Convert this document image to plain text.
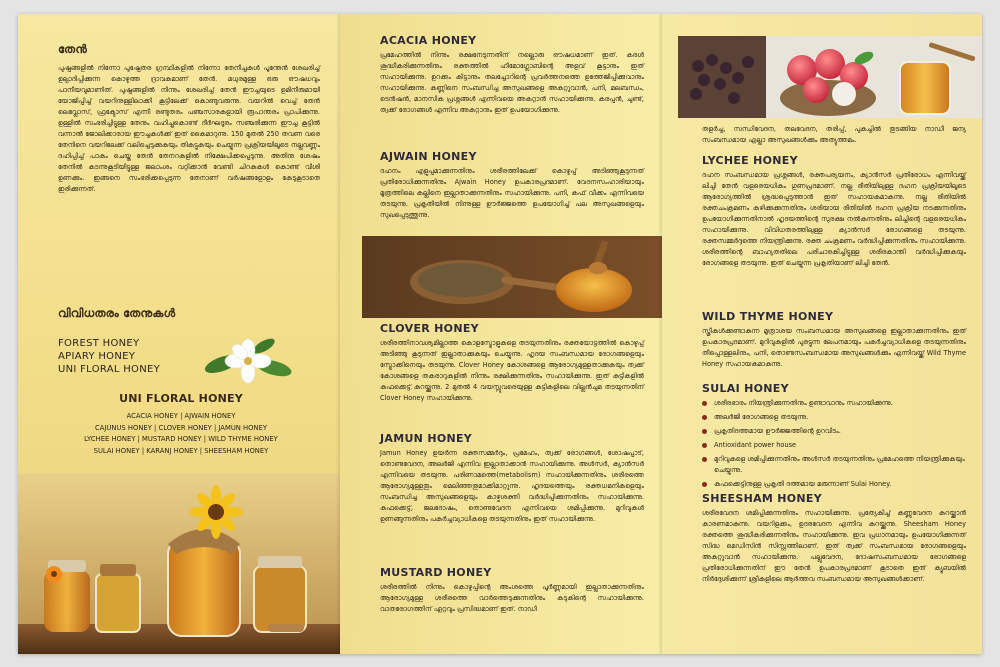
തേൻ

പുഷ്പങ്ങളിൽ നിന്നോ പുഷ്പേതര ഗ്രന്ഥികളിൽ നിന്നോ തേനീച്ചകൾ പൂന്തേൻ ശേഖരിച്ച് ഉല്പാദിപ്പിക്കുന്ന കൊഴുത്ത ദ്രാവകമാണ് തേൻ. മധുരമുള്ള ഒരു ഔഷധവും പാനീയവുമാണിത്. പുഷ്പങ്ങളിൽ നിന്നും ശേഖരിച്ച് തേൻ ഈച്ചയുടെ ഉമിനീരുമായി യോജിപ്പിച്ച് വയറിനുള്ളിലാക്കി കൂട്ടിലേക്ക് കൊണ്ടുവരുന്നു. വയറിൽ വെച്ച് തേൻ ലെവ്ലോസ്, ഫ്രക്ടോസ് എന്നീ രണ്ടുതരം പഞ്ചസാരകളായി രൂപാന്തരം പ്രാപിക്കുന്നു. ഉള്ളിൽ സംഭരിച്ചിട്ടുള്ള തേനും വഹിച്ചുകൊണ്ട് ദീർഘദൂരം സഞ്ചരിക്കുന്ന ഈച്ച കൂട്ടിൽ വന്നാൽ ജോലിക്കാരായ ഈച്ചകൾക്ക് ഇത് കൈമാറുന്നു. 150 മുതൽ 250 തവണ വരെ തേനിനെ വയറിലേക്ക് വലിച്ചെടുക്കുകയും തികട്ടുകയും ചെയ്യുന്ന പ്രക്രിയയിലൂടെ നല്ലവണ്ണം ദഹിപ്പിച്ച് പാകം ചെയ്ത തേൻ തേനറകളിൽ നിക്ഷേപിക്കപ്പെടുന്നു. അതിനു ശേഷം തേനിൽ കടന്നുകൂടിയിട്ടുള്ള ജലാംശം വറ്റിക്കാൻ വേണ്ടി ചിറകുകൾ കൊണ്ട് വീശി ഉണക്കും. ഇങ്ങനെ സംഭരിക്കപ്പെടുന്ന തേനാണ് വർഷങ്ങളോളം കേടുകൂടാതെ ഇരിക്കുന്നത്.

വിവിധതരം തേനുകൾ
FOREST HONEY
APIARY HONEY
UNI FLORAL HONEY
UNI FLORAL HONEY
ACACIA HONEY | AJWAIN HONEY
CAJUNUS HONEY | CLOVER HONEY | JAMUN HONEY
LYCHEE HONEY | MUSTARD HONEY | WILD THYME HONEY
SULAI HONEY | KARANJ HONEY | SHEESHAM HONEY
ACACIA HONEY

പ്രമേഹത്തിൽ നിന്നും രക്ഷനേടുന്നതിന് നല്ലൊരു ഔഷധമാണ് ഇത്. കരൾ ശുദ്ധീകരിക്കുന്നതിനും രക്തത്തിൽ ഹീമോഗ്ലോബിന്റെ അളവ് കൂട്ടാനും ഇത് സഹായിക്കുന്നു. ഉറക്കം കിട്ടാനും തലച്ചോറിന്റെ പ്രവർത്തനത്തെ ഉത്തേജിപ്പിക്കുവാനും സഹായിക്കുന്നു. കണ്ണിനെ സംബന്ധിച്ച അസുഖങ്ങളെ അകറ്റുവാൻ, പനി, മലബന്ധം, ടെൻഷൻ, മാനസിക പ്രശ്നങ്ങൾ എന്നിവയെ അകറ്റാൻ സഹായിക്കുന്നു. കരപ്പൻ, ചുണ്ട്, ത്വക്ക് രോഗങ്ങൾ എന്നിവ അകറ്റാനും ഇത് ഉപയോഗിക്കുന്നു.

AJWAIN HONEY

ദഹനം എളുപ്പമാക്കുന്നതിനും ശരീരത്തിലേക്ക് കൊഴുപ്പ് അടിഞ്ഞുകൂടുന്നത് പ്രതിരോധിക്കുന്നതിനും Ajwain Honey ഉപകാരപ്രദമാണ്. വേദനസംഹാരിയായും മൂത്രത്തിലെ കല്ലിനെ ഇല്ലാതാക്കുന്നതിനും സഹായിക്കുന്നു. പനി, കഫ് വീക്കം എന്നിവയെ തടയുന്നു. പ്രകൃതിയിൽ നിന്നുള്ള ഊർജ്ജത്തെ ഉപയോഗിച്ച് പല അസുഖങ്ങളെയും സുഖപ്പെടുത്തുന്നു.

CLOVER HONEY

ശരീരത്തിനാവശ്യമില്ലാത്ത കൊളസ്ട്രോളുകളെ തടയുന്നതിനും രക്തയോട്ടത്തിൽ കൊഴുപ്പ് അടിഞ്ഞു കൂടുന്നത് ഇല്ലാതാക്കുകയും ചെയ്യുന്നു. ഹൃദയ സംബന്ധമായ രോഗങ്ങളെയും സ്ട്രോക്കിനെയും തടയുന്നു. Clover Honey കോശങ്ങളെ ആരോഗ്യമുള്ളതാക്കുകയും ത്വക്ക് കോശങ്ങളെ തകരാറുകളിൽ നിന്നും രക്ഷിക്കുന്നതിനും സഹായിക്കുന്നു. ഇത് കുട്ടികളിൽ കഫക്കെട്ട് കുറയ്ക്കുന്നു. 2 മുതൽ 4 വയസ്സുവരെയുള്ള കുട്ടികളിലെ വില്ലൻചുമ തടയുന്നതിന് Clover Honey സഹായിക്കുന്നു.

JAMUN HONEY

Jamun Honey ഉയർന്ന രക്തസമ്മർദ്ദം, പ്രമേഹം, ത്വക്ക് രോഗങ്ങൾ, ശോഷപ്പാട്, തൊണ്ടവേദന, അലർജി എന്നിവ ഇല്ലാതാക്കാൻ സഹായിക്കുന്നു. അൾസർ, ക്യാൻസർ എന്നിവയെ തടയുന്നു. പരിണാമത്തെ(metabolism) സഹായിക്കുന്നതിനും ശരീരത്തെ ആരോഗ്യമുള്ളതും മെലിഞ്ഞതുമാക്കിമാറ്റുന്നു. ഹൃദയത്തെയും രക്തധമനികളെയും സംബന്ധിച്ച അസുഖങ്ങളെയും കാഴ്ചശക്തി വർദ്ധിപ്പിക്കുന്നതിനും സഹായിക്കുന്നു. കഫക്കെട്ട്, ജലദോഷം, തൊണ്ടവേദന എന്നിവയെ ശമിപ്പിക്കുന്നു. മുറിവുകൾ ഉണങ്ങുന്നതിനും പകർച്ചവ്യാധികളെ തടയുന്നതിനും ഇത് സഹായിക്കുന്നു.

MUSTARD HONEY

ശരീരത്തിൽ നിന്നും കൊഴുപ്പിന്റെ അംശത്തെ പൂർണ്ണമായി ഇല്ലാതാക്കുന്നതിനും ആരോഗ്യമുള്ള ശരീരത്തെ വാർത്തെടുക്കുന്നതിനും കടുകിന്റെ സഹായിക്കുന്നു. വാതരോഗത്തിന് ഏറ്റവും പ്രസിദ്ധമാണ് ഇത്. നാഡീ

തളർച്ച, സന്ധിവേദന, തലവേദന, തരിപ്പ്, പുകച്ചിൽ തുടങ്ങിയ നാഡീ ജന്യ സംബന്ധമായ എല്ലാ അസുഖങ്ങൾക്കും അത്യുത്തമം.

LYCHEE HONEY

ദഹന സംബന്ധമായ പ്രശ്നങ്ങൾ, രക്തപര്യയനം, ക്യാൻസർ പ്രതിരോധം എന്നിവയ്ക്ക് ലിച്ചി തേൻ വളരെയധികം ഗുണപ്രദമാണ്. നല്ല രീതിയിലുള്ള ദഹന പ്രക്രിയയിലൂടെ ആരോഗ്യത്തിൽ ശ്രദ്ധപ്പെടുത്താൻ ഇത് സഹായകമാകുന്നു. നല്ല രീതിയിൽ രക്തചംക്രമണം കഴിക്കുക്കുന്നതിനും ശരിയായ രീതിയിൽ ദഹന പ്രക്രിയ നടക്കുന്നതിനും ഉപയോഗിക്കുന്നതിനാൽ ഹൃദയത്തിന്റെ സുരക്ഷ നൽകുന്നതിനും ലിച്ചിന്റെ വളരെയധികം സഹായിക്കുന്നു. വിവിധതരത്തിലുള്ള ക്യാൻസർ രോഗങ്ങളെ തടയുന്നു. രക്തസമ്മർദ്ദത്തെ നിയന്ത്രിക്കുന്നു. രക്ത ചംക്രമണം വർദ്ധിപ്പിക്കുന്നതിനും സഹായിക്കുന്നു. ശരീരത്തിന്റെ ബാഹ്യതതിലെ പരിചാരകിച്ചിട്ടുള്ള ശരീരകാന്തി വർദ്ധിപ്പിക്കുകയും രോഗങ്ങളെ തടയുന്നു. ഇത് ചെയ്യുന്ന പ്രകൃതിയാണ് ലിച്ചി തേൻ.

WILD THYME HONEY

സ്ത്രീകൾക്കുണ്ടാകുന്ന മൂത്രാശയ സംബന്ധമായ അസുഖങ്ങളെ ഇല്ലാതാക്കുന്നതിനും ഇത് ഉപകാരപ്രദമാണ്. മുറിവുകളിൽ പുരട്ടുന്ന ലേപനമായും പകർച്ചവ്യാധികളെ തടയുന്നതിനും തീപ്പൊള്ളലിനും, പനി, തൊണ്ടസംബന്ധമായ അസുഖങ്ങൾക്കും എന്നിവയ്ക്ക് Wild Thyme Honey സഹായകമാകുന്നു.

SULAI HONEY
ശരീരഭാരം നിയന്ത്രിക്കുന്നതിനും ഉണ്ടാവാനും സഹായിക്കുന്നു.
അലർജി രോഗങ്ങളെ തടയുന്നു.
പ്രകൃതിദത്തമായ ഊർജ്ജത്തിന്റെ ഉറവിടം.
Antioxidant power house
മുറിവുകളെ ശമിപ്പിക്കുന്നതിനും അൾസർ തടയുന്നതിനും പ്രമേഹത്തെ നിയന്ത്രിക്കുകയും ചെയ്യുന്നു.
കഫക്കെട്ടിനുള്ള പ്രകൃതി ദത്തമായ മരുന്നാണ് Sulai Honey.
SHEESHAM HONEY

ശരീരവേദന ശമിപ്പിക്കുന്നതിനും സഹായിക്കുന്നു. പ്രത്യേകിച്ച് കണ്ണുവേദന കുറയ്ക്കാൻ കാരണമാകുന്നു. വയറിളക്കം, ഉദരവേദന എന്നിവ കുറയ്ക്കുന്നു. Sheesham Honey രക്തത്തെ ശുദ്ധീകരിക്കുന്നതിനും സഹായിക്കുന്നു. ഇവ പ്രധാനമായും ഉപയോഗിക്കുന്നത് സിദ്ധ മെഡിസിൻ സിസ്റ്റത്തിലാണ്. ഇത് ത്വക്ക് സംബന്ധമായ രോഗങ്ങളെയും അകറ്റുവാൻ സഹായിക്കുന്നു. പല്ലുവേദന, ദോഷസംബന്ധമായ രോഗങ്ങളെ പ്രതിരോധിക്കുന്നതിന് ഈ തേൻ ഉപകാരപ്രദമാണ് കൂടാതെ ഇത് ക്യൂബയിൽ നിർദ്ദേശിക്കുന്ന് ശ്രീകളിലെ ആർത്തവ സംബന്ധമായ അസുഖങ്ങൾക്കാണ്.
